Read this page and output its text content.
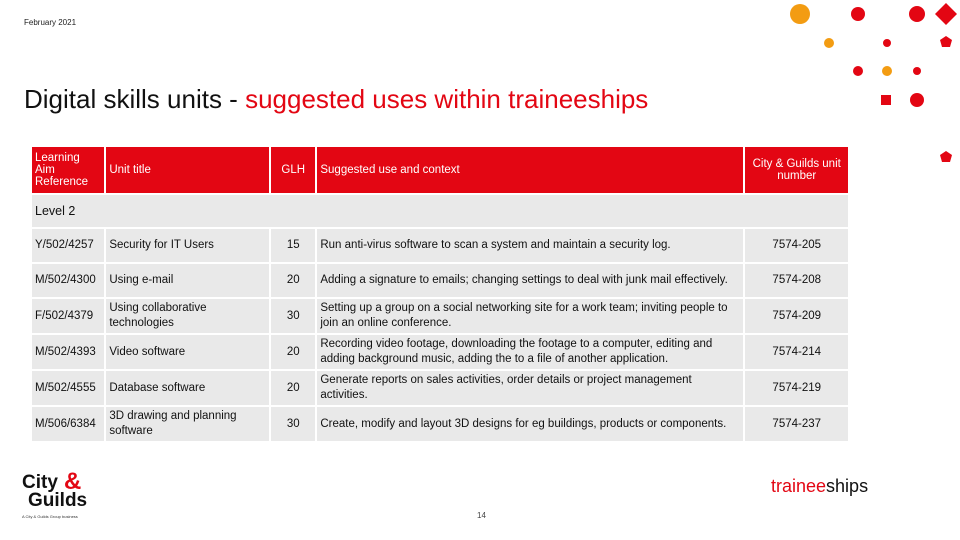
February 2021
Digital skills units - suggested uses within traineeships
Learning Aim Reference	Unit title	GLH	Suggested use and context	City & Guilds unit number
Level 2				
Y/502/4257	Security for IT Users	15	Run anti-virus software to scan a system and maintain a security log.	7574-205
M/502/4300	Using e-mail	20	Adding a signature to emails; changing settings to deal with junk mail effectively.	7574-208
F/502/4379	Using collaborative technologies	30	Setting up a group on a social networking site for a work team; inviting people to join an online conference.	7574-209
M/502/4393	Video software	20	Recording video footage, downloading the footage to a computer, editing and adding background music, adding the to a file of another application.	7574-214
M/502/4555	Database software	20	Generate reports on sales activities, order details or project management activities.	7574-219
M/506/6384	3D drawing and planning software	30	Create, modify and layout 3D designs for eg buildings, products or components.	7574-237
City &
Guilds
A City & Guilds Group business	14
traineeships
